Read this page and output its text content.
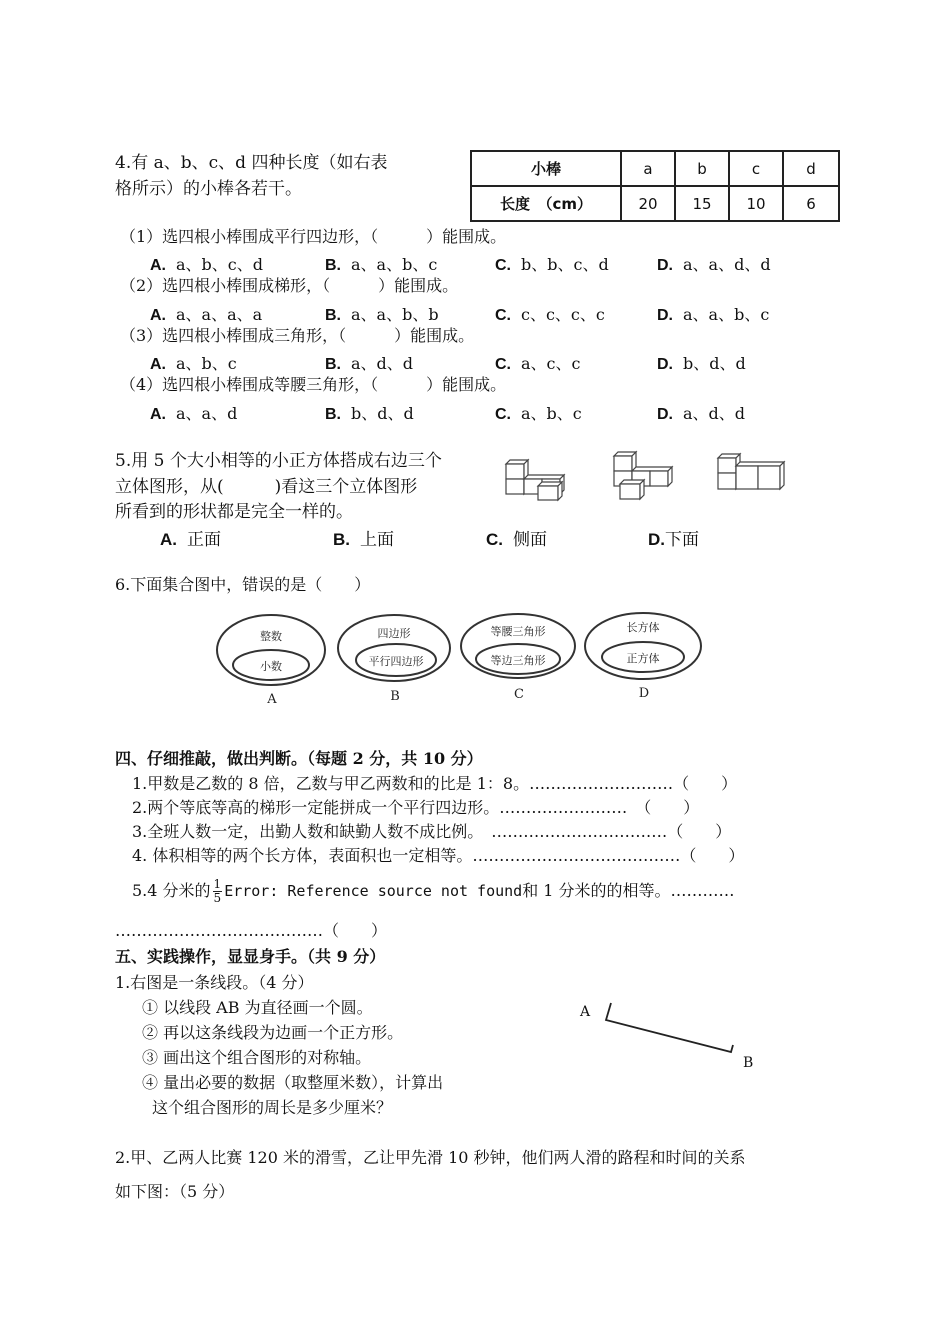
4.有 a、b、c、d 四种长度（如右表
格所示）的小棒各若干。
小棒	a	b	c	d
长度　（cm）	20	15	10	6
（1）选四根小棒围成平行四边形，（　　　）能围成。
A. a、b、c、d	B. a、a、b、c	C. b、b、c、d	D. a、a、d、d
（2）选四根小棒围成梯形，（　　　）能围成。
A. a、a、a、a	B. a、a、b、b	C. c、c、c、c	D. a、a、b、c
（3）选四根小棒围成三角形，（　　　）能围成。
A. a、b、c	B. a、d、d	C. a、c、c	D. b、d、d
（4）选四根小棒围成等腰三角形，（　　　）能围成。
A. a、a、d	B. b、d、d	C. a、b、c	D. a、d、d
5.用 5 个大小相等的小正方体搭成右边三个
立体图形，从(　　　)看这三个立体图形
所看到的形状都是完全一样的。
A. 正面	B. 上面	C. 侧面	D.下面
6.下面集合图中，错误的是（　　）
整数
小数
四边形
平行四边形
等腰三角形
等边三角形
长方体
正方体
A	B	C	D
四、仔细推敲，做出判断。（每题 2 分，共 10 分）
1.甲数是乙数的 8 倍，乙数与甲乙两数和的比是 1：8。………………………（　　）
2.两个等底等高的梯形一定能拼成一个平行四边形。……………………　（　　）
3.全班人数一定，出勤人数和缺勤人数不成比例。　……………………………（　　）
4. 体积相等的两个长方体，表面积也一定相等。…………………………………（　　）
5.4 分米的 $\frac{1}{5}$ Error: Reference source not found和 1 分米的的相等。…………
…………………………………（　　）
五、实践操作，显显身手。（共 9 分）
1.右图是一条线段。（4 分）
① 以线段 AB 为直径画一个圆。
② 再以这条线段为边画一个正方形。
③ 画出这个组合图形的对称轴。
④ 量出必要的数据（取整厘米数），计算出
这个组合图形的周长是多少厘米？
A
B
2.甲、乙两人比赛 120 米的滑雪，乙让甲先滑 10 秒钟，他们两人滑的路程和时间的关系
如下图：（5 分）
